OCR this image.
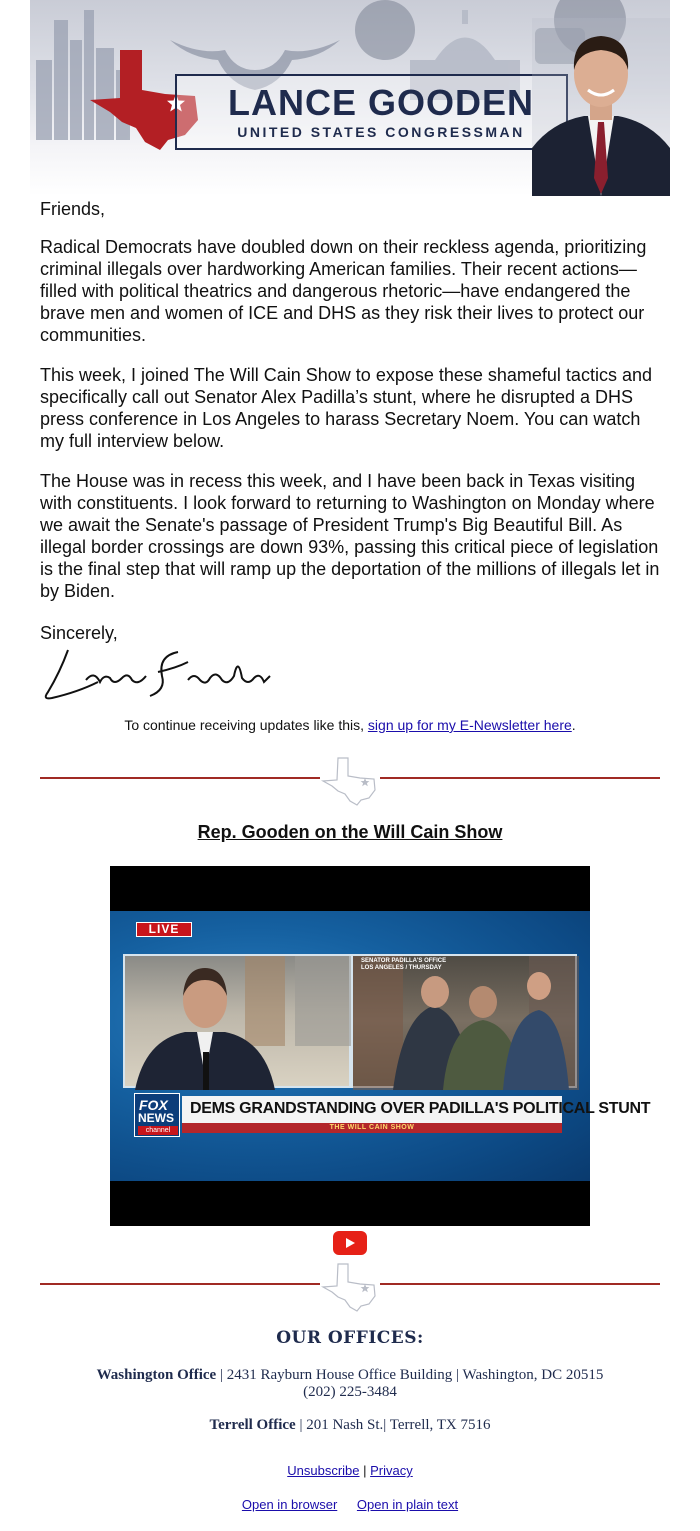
LANCE GOODEN
UNITED STATES CONGRESSMAN

Friends,

Radical Democrats have doubled down on their reckless agenda, prioritizing criminal illegals over hardworking American families. Their recent actions—filled with political theatrics and dangerous rhetoric—have endangered the brave men and women of ICE and DHS as they risk their lives to protect our communities.

This week, I joined The Will Cain Show to expose these shameful tactics and specifically call out Senator Alex Padilla’s stunt, where he disrupted a DHS press conference in Los Angeles to harass Secretary Noem. You can watch my full interview below.

The House was in recess this week, and I have been back in Texas visiting with constituents. I look forward to returning to Washington on Monday where we await the Senate's passage of President Trump's Big Beautiful Bill. As illegal border crossings are down 93%, passing this critical piece of legislation is the final step that will ramp up the deportation of the millions of illegals let in by Biden.

Sincerely,

To continue receiving updates like this, sign up for my E-Newsletter here.
Rep. Gooden on the Will Cain Show
LIVE
SENATOR PADILLA'S OFFICE LOS ANGELES / THURSDAY
FOX
NEWS
channel
DEMS GRANDSTANDING OVER PADILLA'S POLITICAL STUNT
THE WILL CAIN SHOW
OUR OFFICES:
Washington Office | 2431 Rayburn House Office Building | Washington, DC 20515
(202) 225-3484
Terrell Office | 201 Nash St.| Terrell, TX 7516
Unsubscribe | Privacy
Open in browser Open in plain text
